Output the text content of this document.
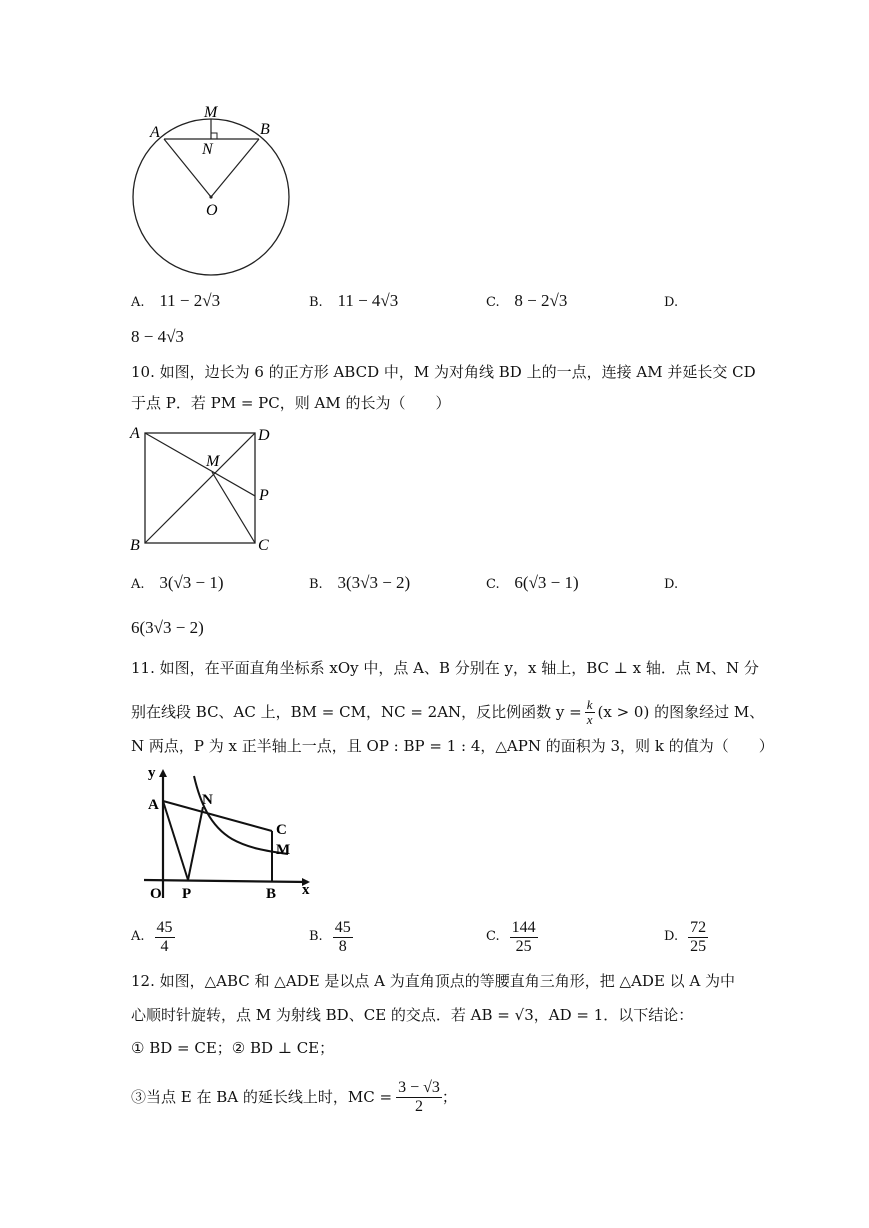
M
A	B
N
O
A. 11 − 2√3	B. 11 − 4√3	C. 8 − 2√3	D.
8 − 4√3
10. 如图，边长为 6 的正方形 ABCD 中，M 为对角线 BD 上的一点，连接 AM 并延长交 CD
于点 P．若 PM = PC，则 AM 的长为（　　）
A	D
M
P
B	C
A. 3(√3 − 1)	B. 3(3√3 − 2)	C. 6(√3 − 1)	D.
6(3√3 − 2)
11. 如图，在平面直角坐标系 xOy 中，点 A、B 分别在 y，x 轴上，BC ⊥ x 轴．点 M、N 分
别在线段 BC、AC 上，BM = CM，NC = 2AN，反比例函数 $y = \frac{k}{x} (x > 0)$ 的图象经过 M、
N 两点，P 为 x 正半轴上一点，且 OP : BP = 1 : 4，△APN 的面积为 3，则 k 的值为（　　）
y
A	N
C
M
O P	B x
A. $\frac{45}{4}$	B. $\frac{45}{8}$	C. $\frac{144}{25}$	D. $\frac{72}{25}$
12. 如图，△ABC 和 △ADE 是以点 A 为直角顶点的等腰直角三角形，把 △ADE 以 A 为中
心顺时针旋转，点 M 为射线 BD、CE 的交点．若 AB = √3，AD = 1．以下结论：
① BD = CE；② BD ⊥ CE；
③当点 E 在 BA 的延长线上时，MC = $\frac{3 - √3}{2}$ ；
